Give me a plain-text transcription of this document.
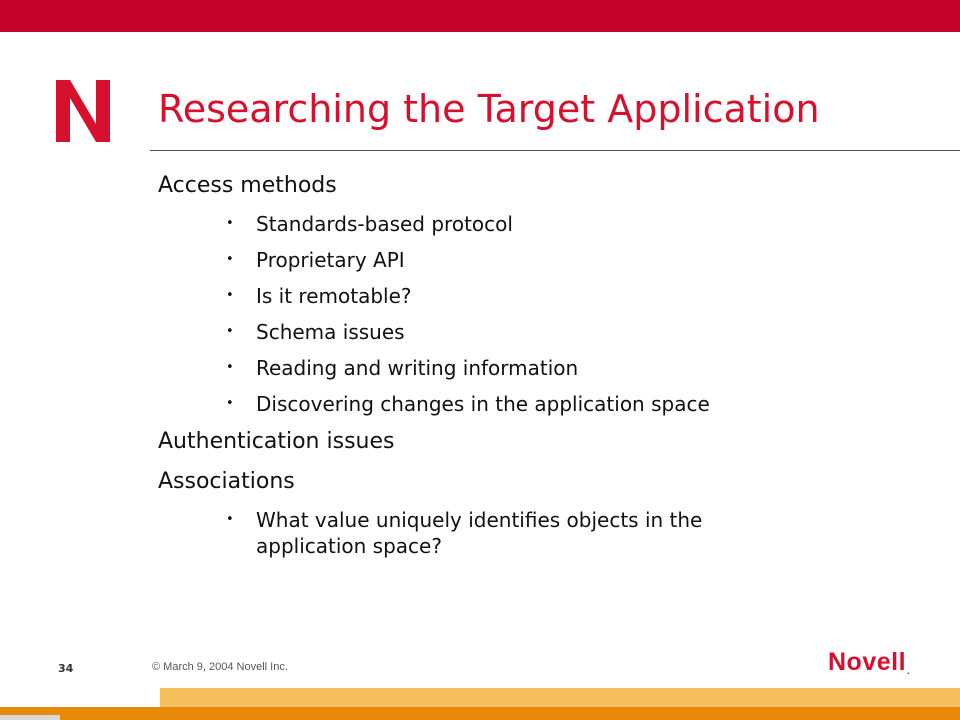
Researching the Target Application

Access methods

• Standards-based protocol

• Proprietary API

• Is it remotable?

• Schema issues

• Reading and writing information

• Discovering changes in the application space

Authentication issues

Associations

• What value uniquely identifies objects in the application space?

34	© March 9, 2004 Novell Inc.	Novell.
